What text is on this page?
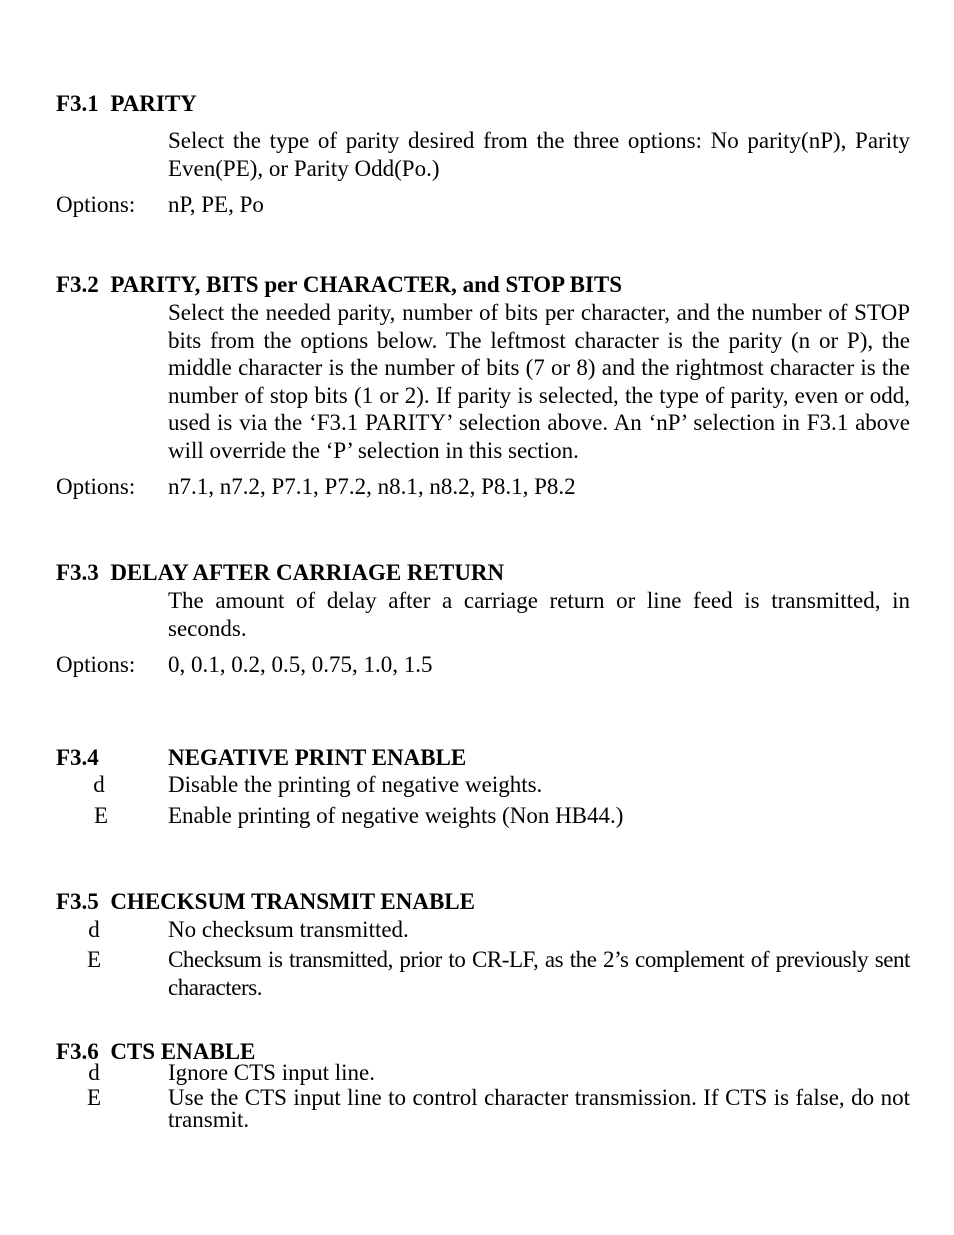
F3.1 PARITY
Select the type of parity desired from the three options: No parity(nP), Parity Even(PE), or Parity Odd(Po.)
Options: nP, PE, Po
F3.2 PARITY, BITS per CHARACTER, and STOP BITS
Select the needed parity, number of bits per character, and the number of STOP bits from the options below. The leftmost character is the parity (n or P), the middle character is the number of bits (7 or 8) and the rightmost character is the number of stop bits (1 or 2). If parity is selected, the type of parity, even or odd, used is via the ‘F3.1 PARITY’ selection above. An ‘nP’ selection in F3.1 above will override the ‘P’ selection in this section.
Options: n7.1, n7.2, P7.1, P7.2, n8.1, n8.2, P8.1, P8.2
F3.3 DELAY AFTER CARRIAGE RETURN
The amount of delay after a carriage return or line feed is transmitted, in seconds.
Options: 0, 0.1, 0.2, 0.5, 0.75, 1.0, 1.5
F3.4	NEGATIVE PRINT ENABLE
d	Disable the printing of negative weights.
E	Enable printing of negative weights (Non HB44.)
F3.5 CHECKSUM TRANSMIT ENABLE
d	No checksum transmitted.
E	Checksum is transmitted, prior to CR-LF, as the 2’s complement of previously sent characters.
F3.6 CTS ENABLE
d	Ignore CTS input line.
E	Use the CTS input line to control character transmission. If CTS is false, do not transmit.
